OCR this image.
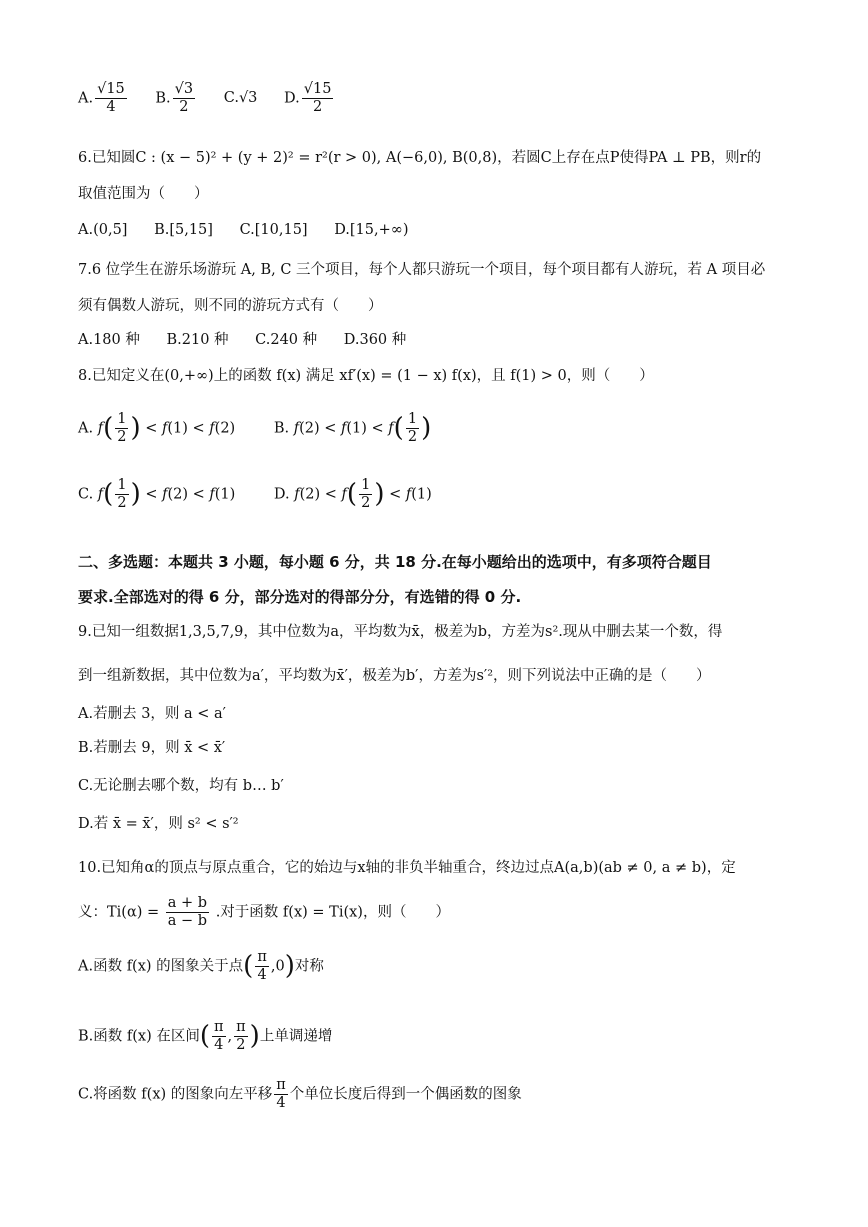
A. $\frac{√15}{4} B$. $\frac{√3}{2} C.√3$ D. $\frac{√15}{2}$
6.已知圆C : (x − 5)² + (y + 2)² = r²(r > 0), A(−6,0), B(0,8)，若圆C上存在点P使得PA ⊥ PB，则r的
取值范围为（　　）
A.(0,5] B.[5,15] C.[10,15] D.[15,+∞)
7.6 位学生在游乐场游玩 A, B, C 三个项目，每个人都只游玩一个项目，每个项目都有人游玩，若 A 项目必
须有偶数人游玩，则不同的游玩方式有（　　）
A.180 种 B.210 种 C.240 种 D.360 种
8.已知定义在(0,+∞)上的函数 f(x) 满足 xf′(x) = (1 − x) f(x)，且 f(1) > 0，则（　　）
A. $f( \frac{1}{2}$ ) < f(1) < f(2)	B. $f(2) < f(1) < f( \frac{1}{2}$ )
C. $f( \frac{1}{2}$ ) < f(2) < f(1)	D. $f(2) < f( \frac{1}{2}$ ) < f(1)
二、多选题：本题共 3 小题，每小题 6 分，共 18 分.在每小题给出的选项中，有多项符合题目
要求.全部选对的得 6 分，部分选对的得部分分，有选错的得 0 分.
9.已知一组数据1,3,5,7,9，其中位数为a，平均数为x̄，极差为b，方差为s².现从中删去某一个数，得
到一组新数据，其中位数为a′，平均数为x̄′，极差为b′，方差为s′²，则下列说法中正确的是（　　）
A.若删去 3，则 a < a′
B.若删去 9，则 x̄ < x̄′
C.无论删去哪个数，均有 b… b′
D.若 x̄ = x̄′，则 s² < s′²
10.已知角α的顶点与原点重合，它的始边与x轴的非负半轴重合，终边过点A(a,b)(ab ≠ 0, a ≠ b)，定
义：$Ti(\alpha) = \frac{a + b}{a - b}$ .对于函数 f(x) = Ti(x)，则（　　）
A.函数 f(x) 的图象关于点( $\frac{\pi}{4} ,0$)对称
B.函数 f(x) 在区间( $\frac{\pi}{4}$ , $\frac{\pi}{2}$ )上单调递增
C.将函数 f(x) 的图象向左平移 $\frac{\pi}{4}$ 个单位长度后得到一个偶函数的图象
